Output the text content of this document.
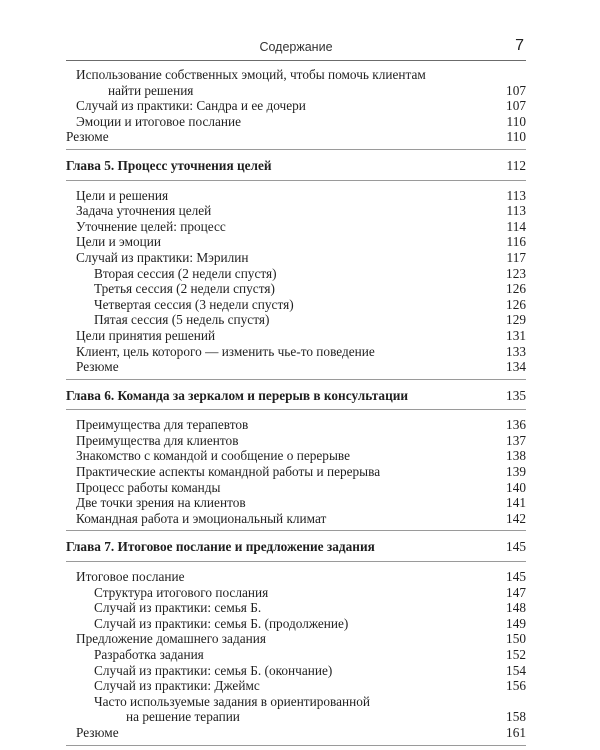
Содержание	7
Использование собственных эмоций, чтобы помочь клиентам
найти решения	107
Случай из практики: Сандра и ее дочери	107
Эмоции и итоговое послание	110
Резюме	110
Глава 5. Процесс уточнения целей	112
Цели и решения	113
Задача уточнения целей	113
Уточнение целей: процесс	114
Цели и эмоции	116
Случай из практики: Мэрилин	117
Вторая сессия (2 недели спустя)	123
Третья сессия (2 недели спустя)	126
Четвертая сессия (3 недели спустя)	126
Пятая сессия (5 недель спустя)	129
Цели принятия решений	131
Клиент, цель которого — изменить чье-то поведение	133
Резюме	134
Глава 6. Команда за зеркалом и перерыв в консультации	135
Преимущества для терапевтов	136
Преимущества для клиентов	137
Знакомство с командой и сообщение о перерыве	138
Практические аспекты командной работы и перерыва	139
Процесс работы команды	140
Две точки зрения на клиентов	141
Командная работа и эмоциональный климат	142
Глава 7. Итоговое послание и предложение задания	145
Итоговое послание	145
Структура итогового послания	147
Случай из практики: семья Б.	148
Случай из практики: семья Б. (продолжение)	149
Предложение домашнего задания	150
Разработка задания	152
Случай из практики: семья Б. (окончание)	154
Случай из практики: Джеймс	156
Часто используемые задания в ориентированной
на решение терапии	158
Резюме	161
